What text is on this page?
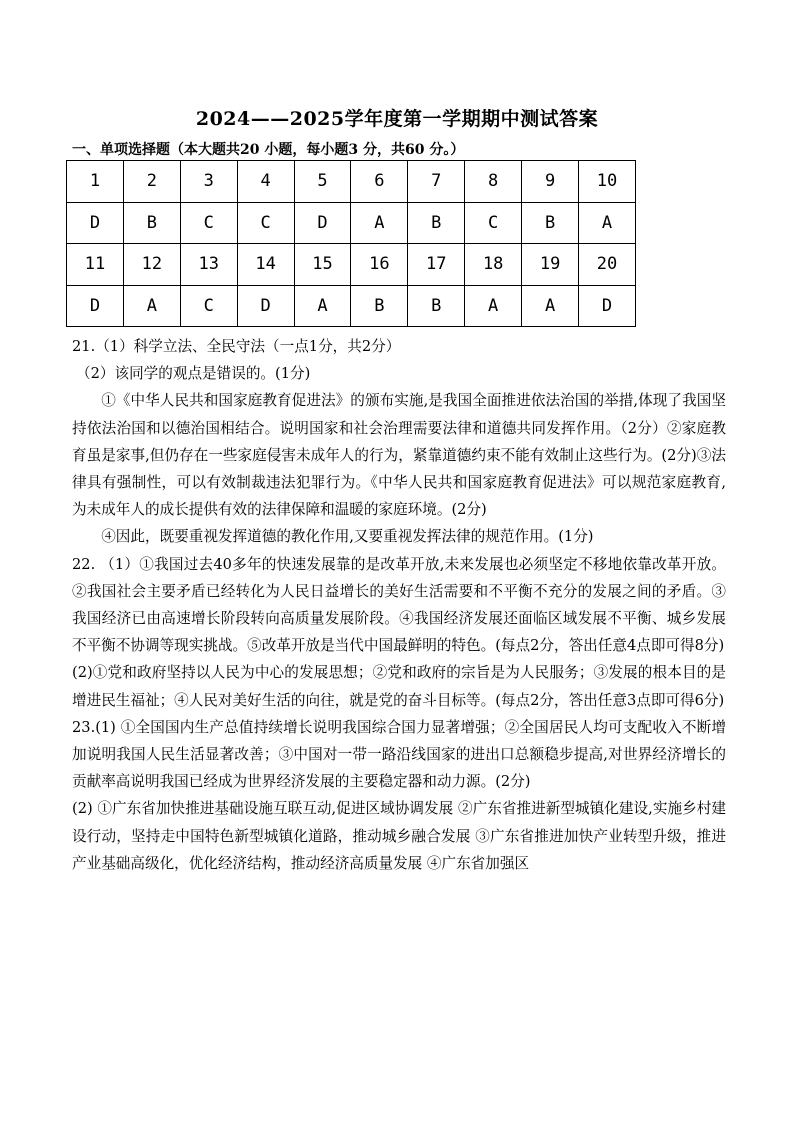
2024——2025学年度第一学期期中测试答案
一、单项选择题（本大题共20 小题，每小题3 分，共60 分。）
1	2	3	4	5	6	7	8	9	10
D	B	C	C	D	A	B	C	B	A
11	12	13	14	15	16	17	18	19	20
D	A	C	D	A	B	B	A	A	D

21.（1）科学立法、全民守法（一点1分，共2分）

（2）该同学的观点是错误的。(1分)

①《中华人民共和国家庭教育促进法》的颁布实施,是我国全面推进依法治国的举措,体现了我国坚持依法治国和以德治国相结合。说明国家和社会治理需要法律和道德共同发挥作用。（2分）②家庭教育虽是家事,但仍存在一些家庭侵害未成年人的行为，紧靠道德约束不能有效制止这些行为。(2分)③法律具有强制性，可以有效制裁违法犯罪行为。《中华人民共和国家庭教育促进法》可以规范家庭教育,为未成年人的成长提供有效的法律保障和温暖的家庭环境。(2分)

④因此，既要重视发挥道德的教化作用,又要重视发挥法律的规范作用。(1分)

22. （1）①我国过去40多年的快速发展靠的是改革开放,未来发展也必须坚定不移地依靠改革开放。②我国社会主要矛盾已经转化为人民日益增长的美好生活需要和不平衡不充分的发展之间的矛盾。③我国经济已由高速增长阶段转向高质量发展阶段。④我国经济发展还面临区域发展不平衡、城乡发展不平衡不协调等现实挑战。⑤改革开放是当代中国最鲜明的特色。(每点2分，答出任意4点即可得8分)

(2)①党和政府坚持以人民为中心的发展思想；②党和政府的宗旨是为人民服务；③发展的根本目的是增进民生福祉；④人民对美好生活的向往，就是党的奋斗目标等。(每点2分，答出任意3点即可得6分)

23.(1) ①全国国内生产总值持续增长说明我国综合国力显著增强；②全国居民人均可支配收入不断增加说明我国人民生活显著改善；③中国对一带一路沿线国家的进出口总额稳步提高,对世界经济增长的贡献率高说明我国已经成为世界经济发展的主要稳定器和动力源。(2分)

(2) ①广东省加快推进基础设施互联互动,促进区域协调发展 ②广东省推进新型城镇化建设,实施乡村建设行动，坚持走中国特色新型城镇化道路，推动城乡融合发展 ③广东省推进加快产业转型升级，推进产业基础高级化，优化经济结构，推动经济高质量发展 ④广东省加强区
